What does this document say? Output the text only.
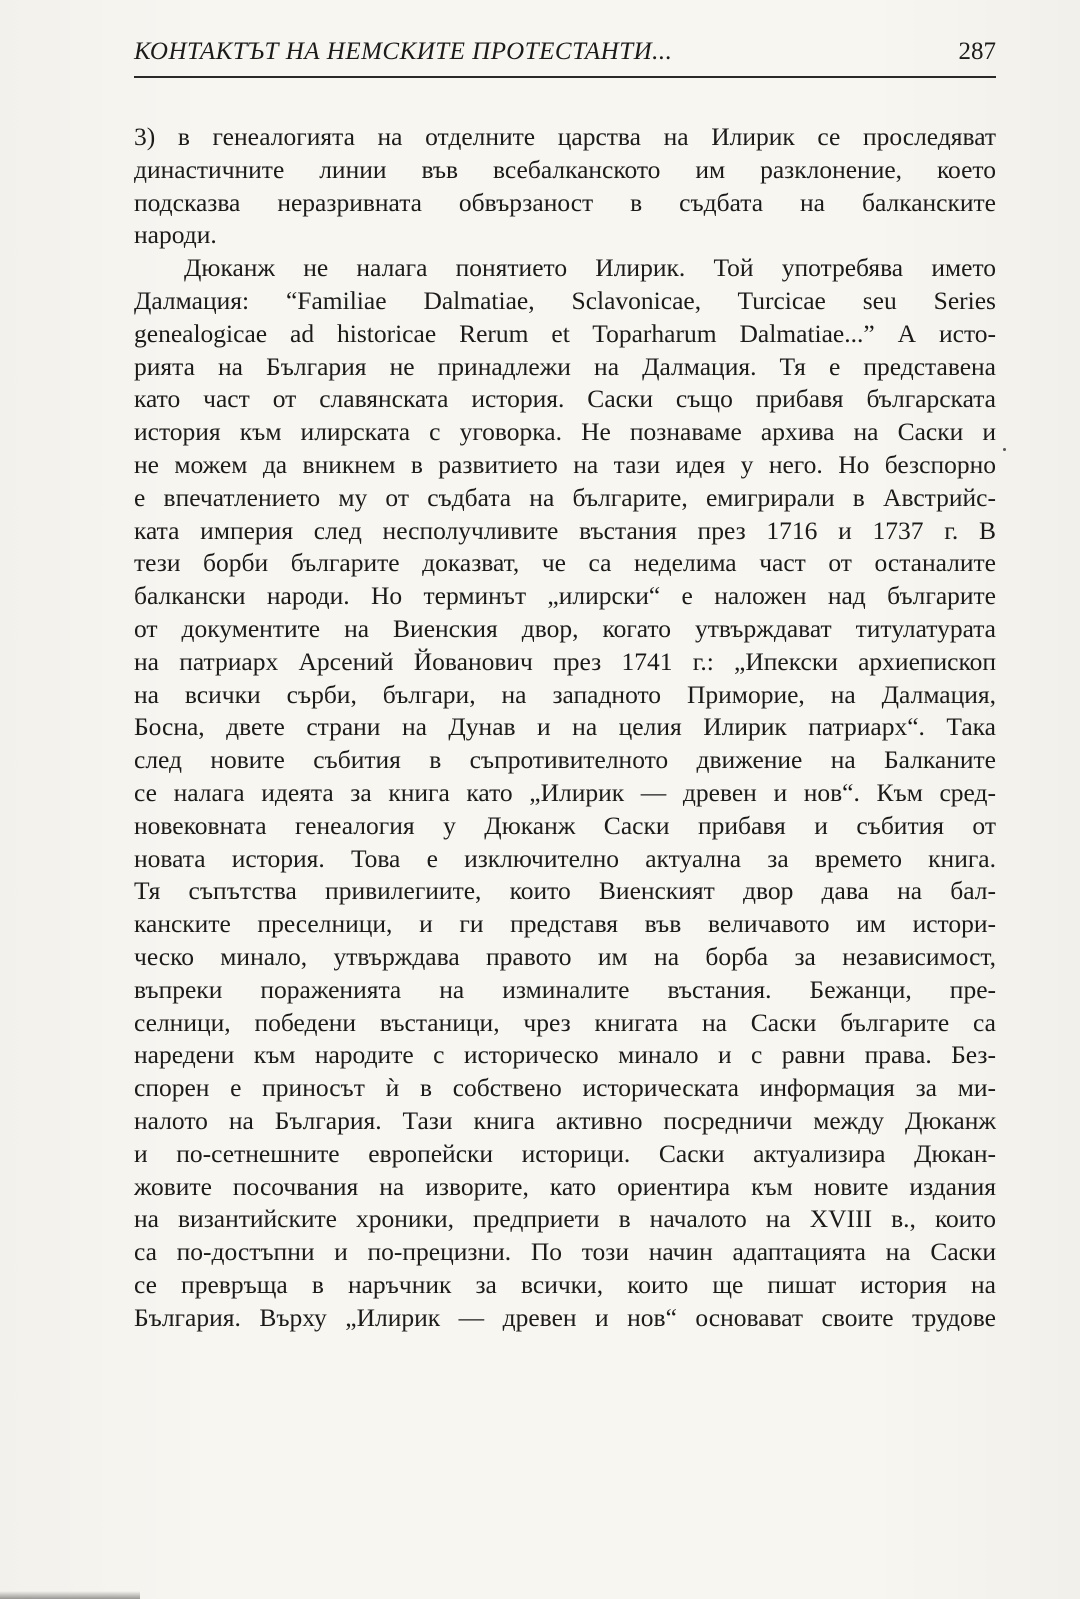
КОНТАКТЪТ НА НЕМСКИТЕ ПРОТЕСТАНТИ...	287
3) в генеалогията на отделните царства на Илирик се проследяват
династичните линии във всебалканското им разклонение, което
подсказва неразривната обвързаност в съдбата на балканските
народи.
Дюканж не налага понятието Илирик. Той употребява името
Далмация: “Familiae Dalmatiae, Sclavonicae, Turcicae seu Series
genealogicae ad historicae Rerum et Toparharum Dalmatiae...” А исто-
рията на България не принадлежи на Далмация. Тя е представена
като част от славянската история. Саски също прибавя българската
история към илирската с уговорка. Не познаваме архива на Саски и
не можем да вникнем в развитието на тази идея у него. Но безспорно
е впечатлението му от съдбата на българите, емигрирали в Австрийс-
ката империя след несполучливите въстания през 1716 и 1737 г. В
тези борби българите доказват, че са неделима част от останалите
балкански народи. Но терминът „илирски“ е наложен над българите
от документите на Виенския двор, когато утвърждават титулатурата
на патриарх Арсений Йованович през 1741 г.: „Ипекски архиепископ
на всички сърби, българи, на западното Приморие, на Далмация,
Босна, двете страни на Дунав и на целия Илирик патриарх“. Така
след новите събития в съпротивителното движение на Балканите
се налага идеята за книга като „Илирик — древен и нов“. Към сред-
новековната генеалогия у Дюканж Саски прибавя и събития от
новата история. Това е изключително актуална за времето книга.
Тя съпътства привилегиите, които Виенският двор дава на бал-
канските преселници, и ги представя във величавото им истори-
ческо минало, утвърждава правото им на борба за независимост,
въпреки пораженията на изминалите въстания. Бежанци, пре-
селници, победени въстаници, чрез книгата на Саски българите са
наредени към народите с историческо минало и с равни права. Без-
спорен е приносът ѝ в собствено историческата информация за ми-
налото на България. Тази книга активно посредничи между Дюканж
и по-сетнешните европейски историци. Саски актуализира Дюкан-
жовите посочвания на изворите, като ориентира към новите издания
на византийските хроники, предприети в началото на XVIII в., които
са по-достъпни и по-прецизни. По този начин адаптацията на Саски
се превръща в наръчник за всички, които ще пишат история на
България. Върху „Илирик — древен и нов“ основават своите трудове
